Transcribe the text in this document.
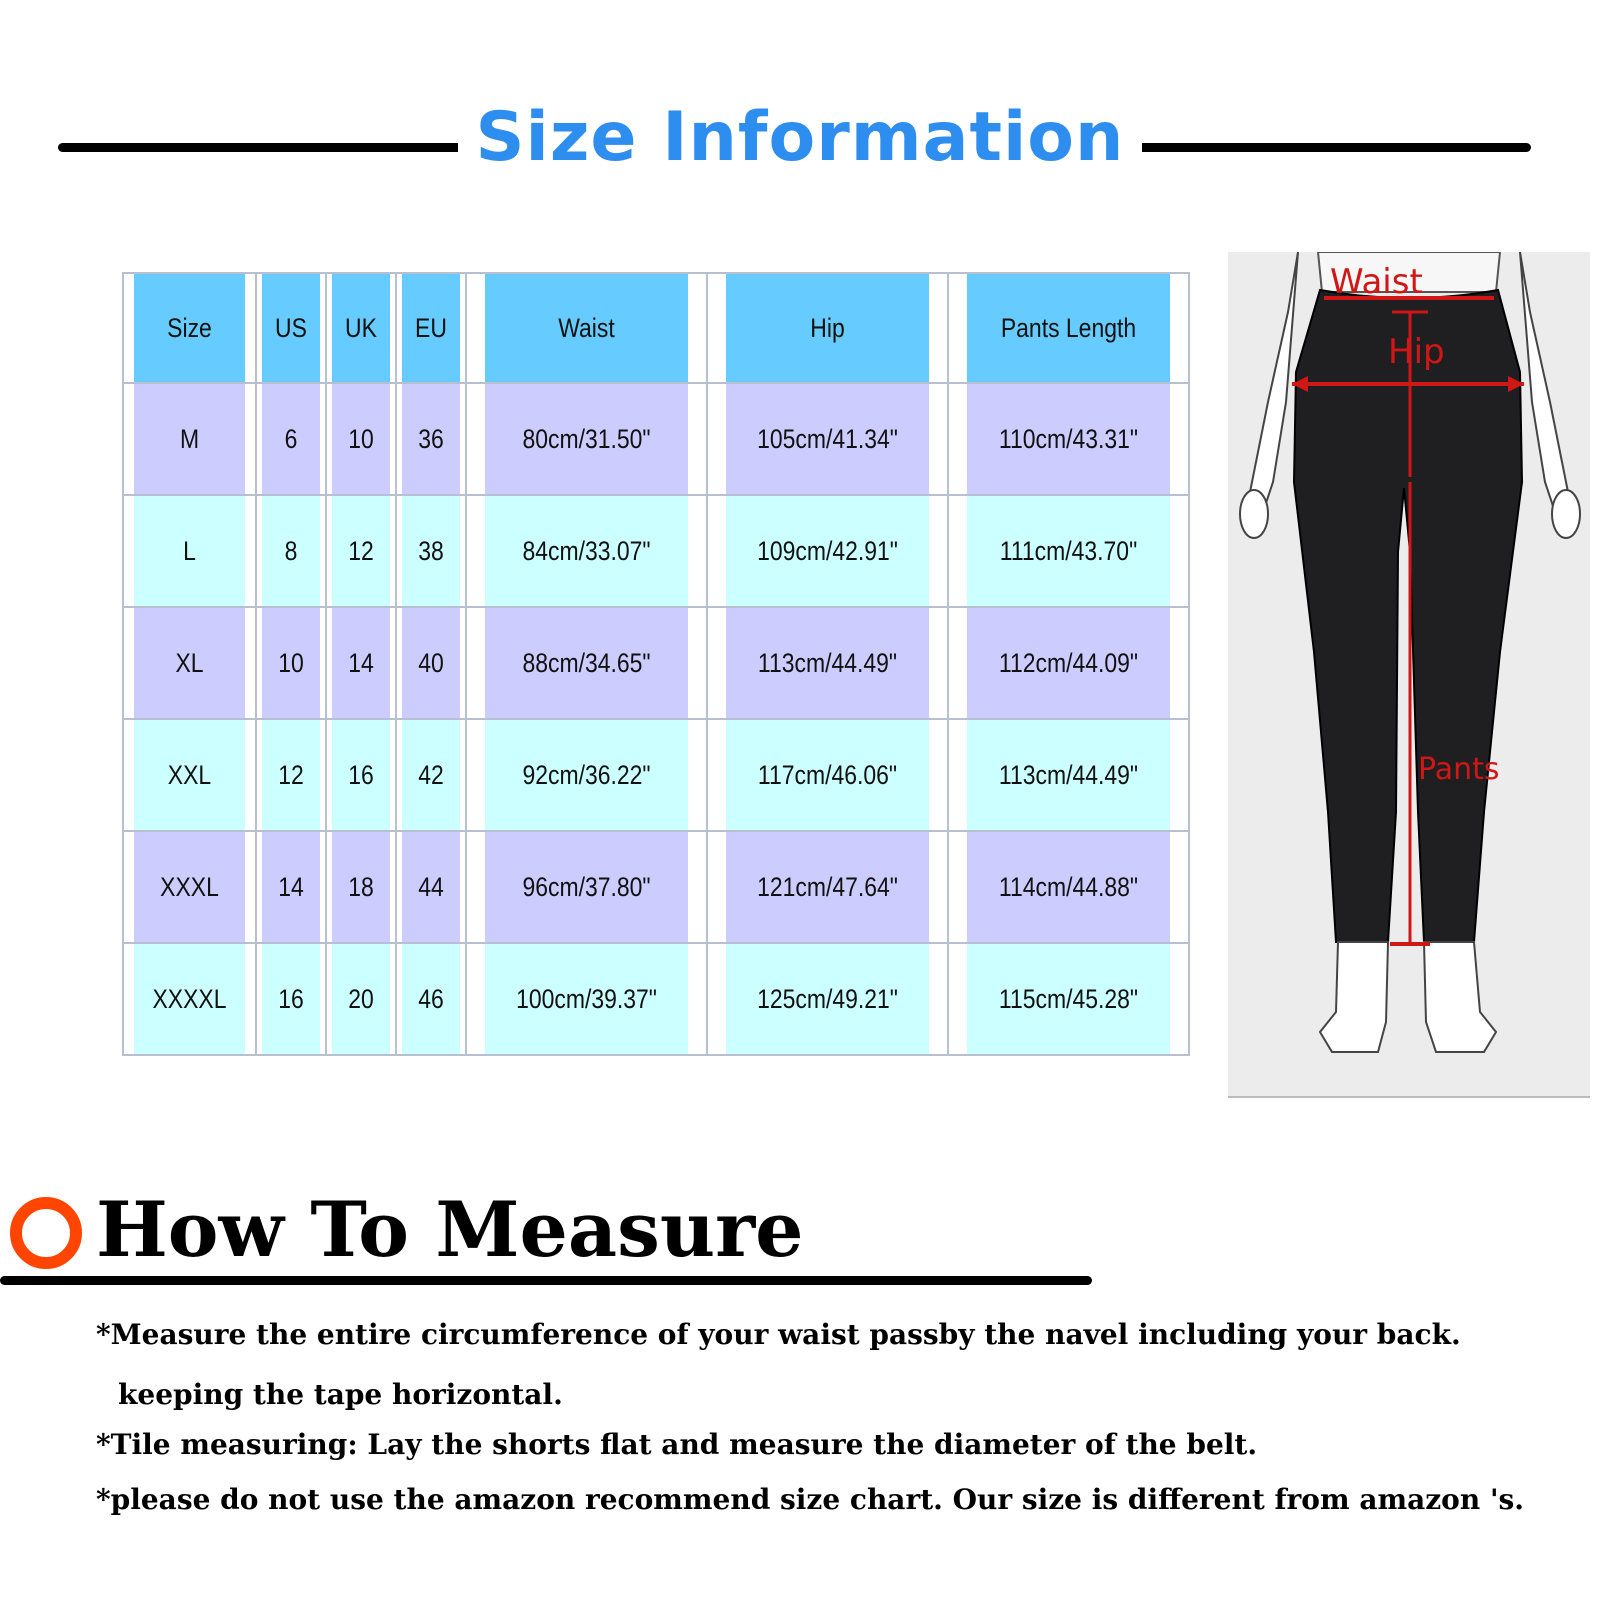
Size Information
Size	US	UK	EU	Waist	Hip	Pants Length
M	6	10	36	80cm/31.50"	105cm/41.34"	110cm/43.31"
L	8	12	38	84cm/33.07"	109cm/42.91"	111cm/43.70"
XL	10	14	40	88cm/34.65"	113cm/44.49"	112cm/44.09"
XXL	12	16	42	92cm/36.22"	117cm/46.06"	113cm/44.49"
XXXL	14	18	44	96cm/37.80"	121cm/47.64"	114cm/44.88"
XXXXL	16	20	46	100cm/39.37"	125cm/49.21"	115cm/45.28"
Waist
Hip
Pants
How To Measure
*Measure the entire circumference of your waist passby the navel including your back.
keeping the tape horizontal.
*Tile measuring: Lay the shorts flat and measure the diameter of the belt.
*please do not use the amazon recommend size chart. Our size is different from amazon 's.
